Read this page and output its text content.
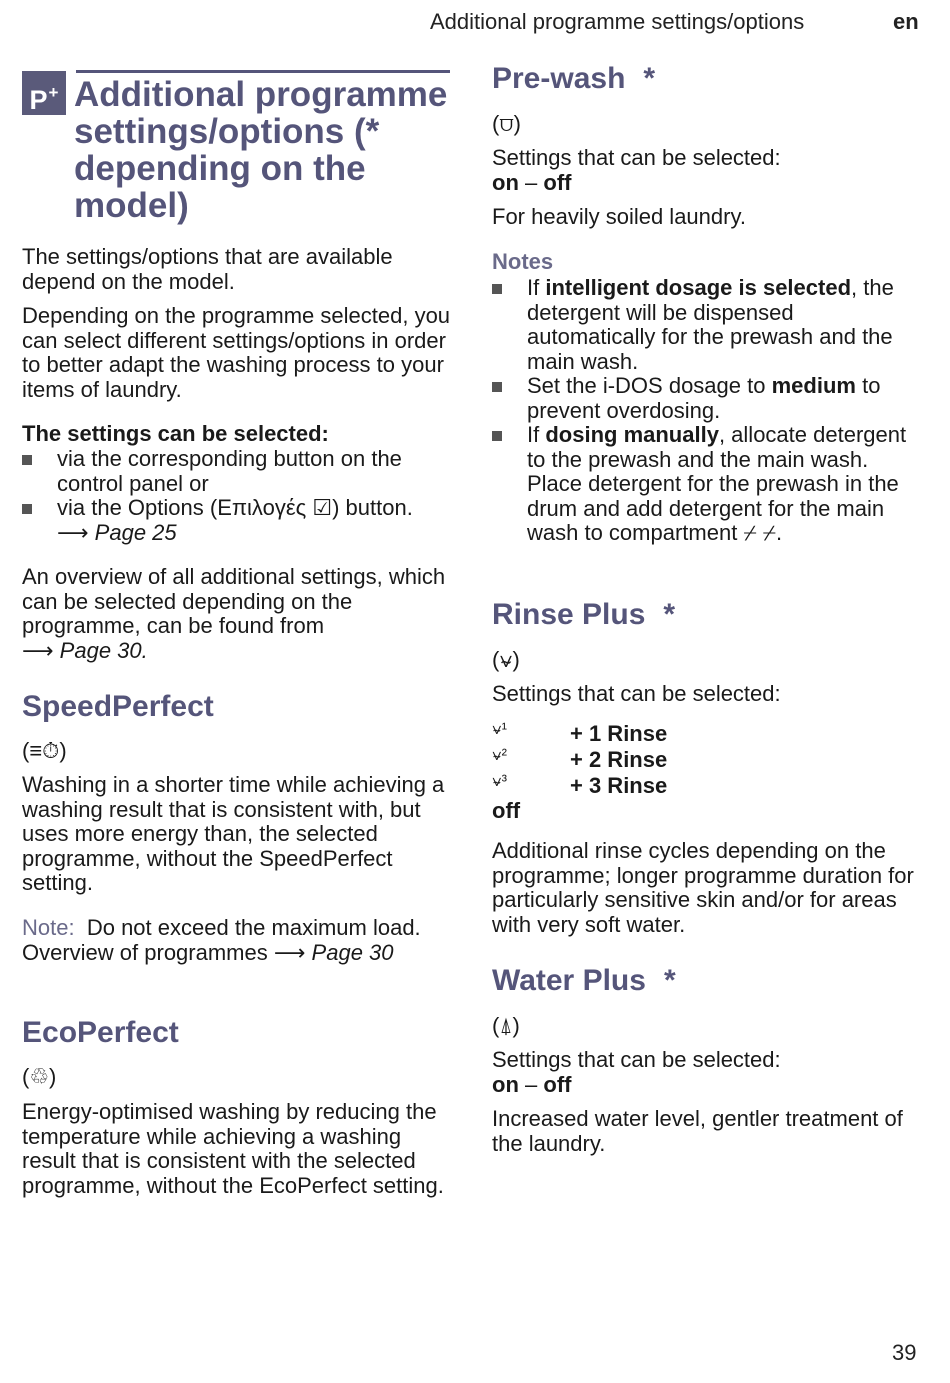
Additional programme settings/options	en
P+ Additional programme settings/options (* depending on the model)

The settings/options that are available depend on the model.

Depending on the programme selected, you can select different settings/options in order to better adapt the washing process to your items of laundry.

The settings can be selected:

via the corresponding button on the control panel or
via the Options (Επιλογές ☑) button.
⟶ Page 25

An overview of all additional settings, which can be selected depending on the programme, can be found from
⟶ Page 30.

SpeedPerfect
(≡⏱)

Washing in a shorter time while achieving a washing result that is consistent with, but uses more energy than, the selected programme, without the SpeedPerfect setting.

Note: Do not exceed the maximum load.
Overview of programmes ⟶ Page 30

EcoPerfect
(♲)

Energy-optimised washing by reducing the temperature while achieving a washing result that is consistent with the selected programme, without the EcoPerfect setting.

Pre-wash *
(⩌)

Settings that can be selected:

on – off

For heavily soiled laundry.

Notes
If intelligent dosage is selected, the detergent will be dispensed automatically for the prewash and the main wash.
Set the i-DOS dosage to medium to prevent overdosing.
If dosing manually, allocate detergent to the prewash and the main wash. Place detergent for the prewash in the drum and add detergent for the main wash to compartment ⌿ ⌿.
Rinse Plus *
(⍱)

Settings that can be selected:

⍱¹	+ 1 Rinse
⍱²	+ 2 Rinse
⍱³	+ 3 Rinse

off

Additional rinse cycles depending on the programme; longer programme duration for particularly sensitive skin and/or for areas with very soft water.

Water Plus *
(⍋)

Settings that can be selected:

on – off

Increased water level, gentler treatment of the laundry.

39
